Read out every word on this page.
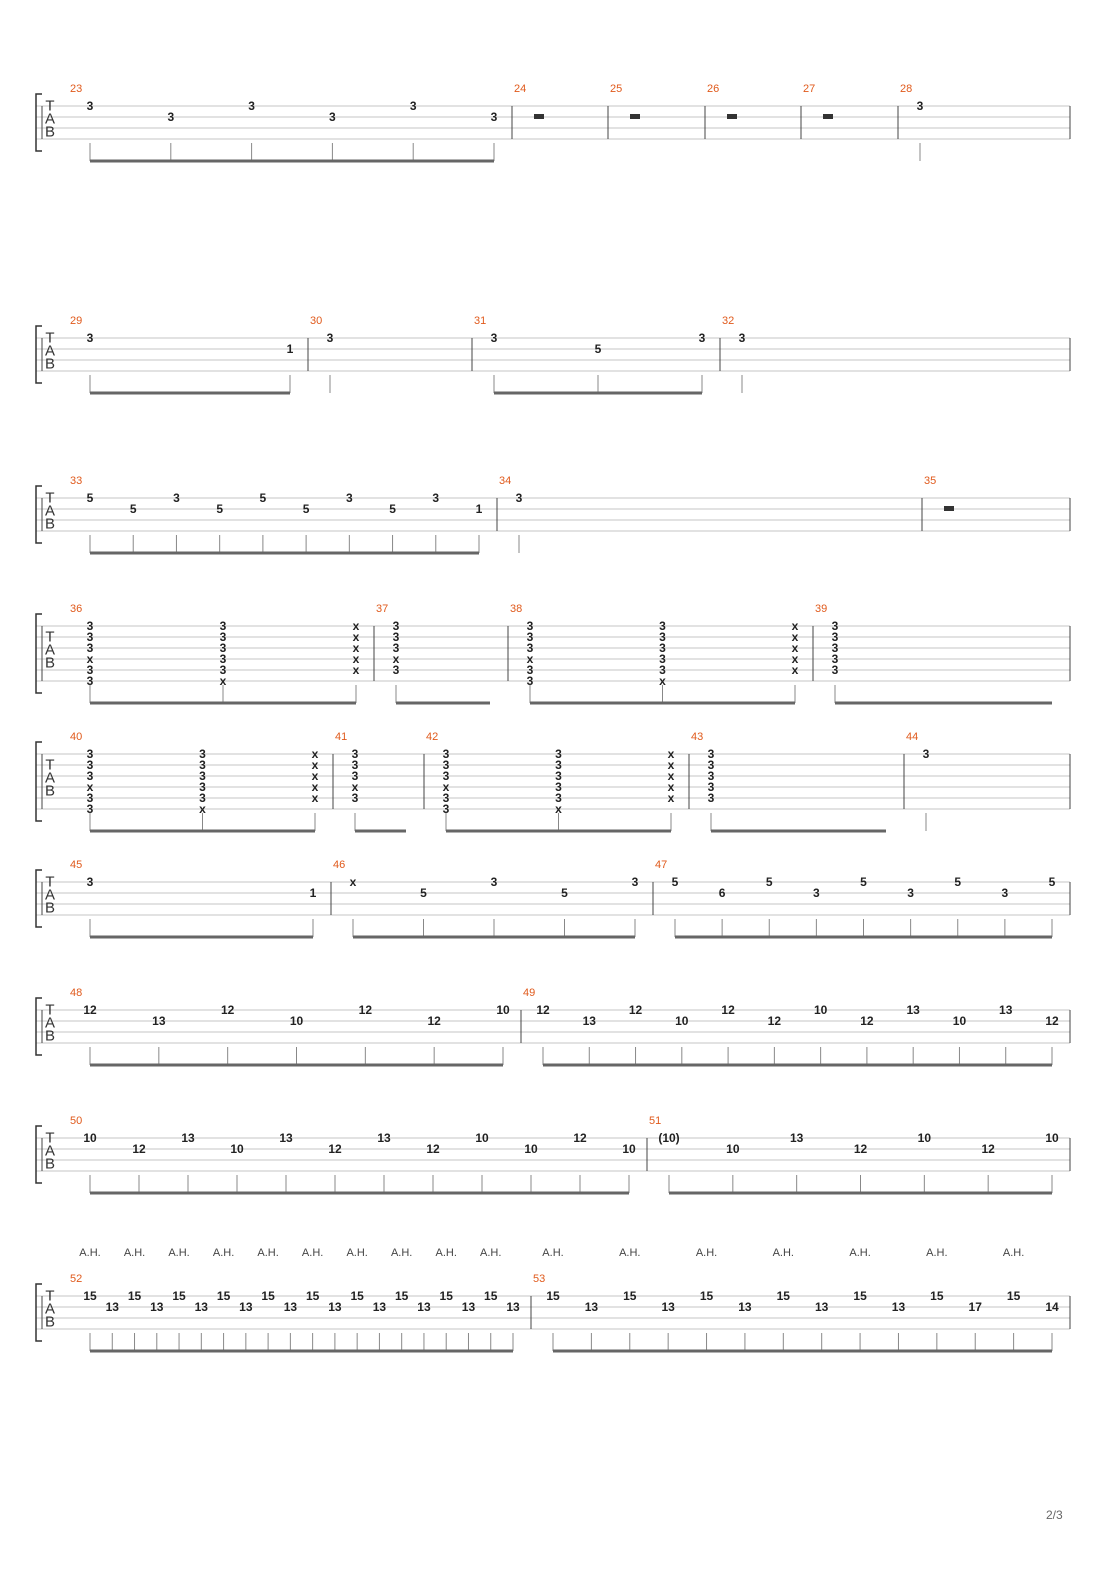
T
A
B
23
3
3
3
3
3
3
24	25	26	27	28
3
T
A
B
29
3
1
30
3
31
3
5
3
32
3
T
A
B
33
5
5
3
5
5
5
3
5
3
1
34
3
35
T
A
B
36
3
3
3
x
3
3
3
3
3
3
3
x
x
x
x
x
x
37
3
3
3
x
3
38
3
3
3
x
3
3
3
3
3
3
3
x
x
x
x
x
x
39
3
3
3
3
3
T
A
B
40
3
3
3
x
3
3
3
3
3
3
3
x
x
x
x
x
x
41
3
3
3
x
3
42
3
3
3
x
3
3
3
3
3
3
3
x
x
x
x
x
x
43
3
3
3
3
3
44
3
T
A
B
45
3
1
46
x
5
3
5
3
47
5
6
5
3
5
3
5
3
5
T
A
B
48
12
13
12
10
12
12
10
49
12
13
12
10
12
12
10
12
13
10
13
12
T
A
B
50
10
12
13
10
13
12
13
12
10
10
12
10
51
(10)
10
13
12
10
12
10
T
A
B
52
15
A.H.
13
15
A.H.
13
15
A.H.
13
15
A.H.
13
15
A.H.
13
15
A.H.
13
15
A.H.
13
15
A.H.
13
15
A.H.
13
15
A.H.
13
53
15
A.H.
13
15
A.H.
13
15
A.H.
13
15
A.H.
13
15
A.H.
13
15
A.H.
17
15
A.H.
14
2/3
